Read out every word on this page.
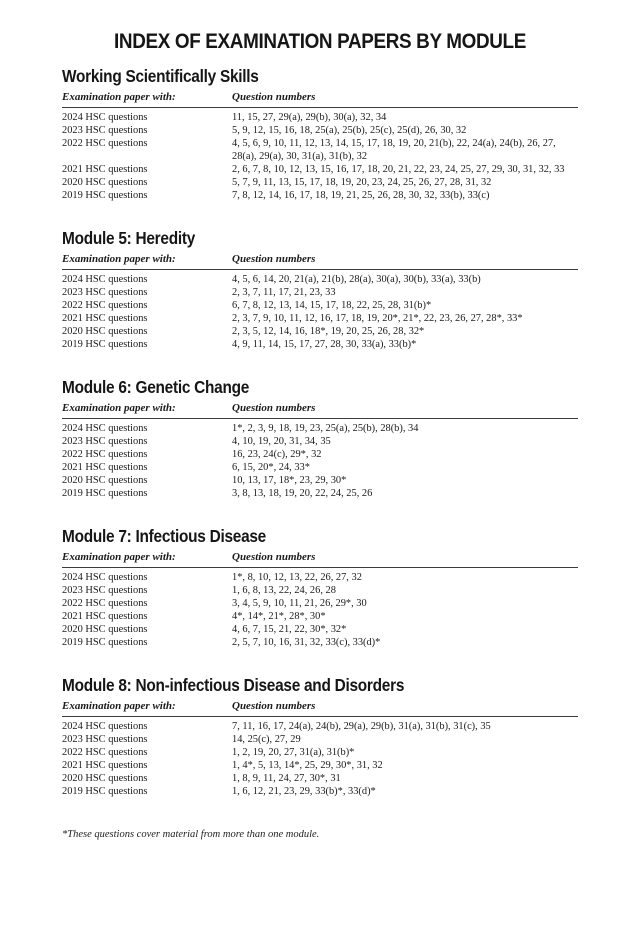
INDEX OF EXAMINATION PAPERS BY MODULE
Working Scientifically Skills
Examination paper with:	Question numbers
2024 HSC questions	11, 15, 27, 29(a), 29(b), 30(a), 32, 34
2023 HSC questions	5, 9, 12, 15, 16, 18, 25(a), 25(b), 25(c), 25(d), 26, 30, 32
2022 HSC questions	4, 5, 6, 9, 10, 11, 12, 13, 14, 15, 17, 18, 19, 20, 21(b), 22, 24(a), 24(b), 26, 27, 28(a), 29(a), 30, 31(a), 31(b), 32
2021 HSC questions	2, 6, 7, 8, 10, 12, 13, 15, 16, 17, 18, 20, 21, 22, 23, 24, 25, 27, 29, 30, 31, 32, 33
2020 HSC questions	5, 7, 9, 11, 13, 15, 17, 18, 19, 20, 23, 24, 25, 26, 27, 28, 31, 32
2019 HSC questions	7, 8, 12, 14, 16, 17, 18, 19, 21, 25, 26, 28, 30, 32, 33(b), 33(c)
Module 5: Heredity
Examination paper with:	Question numbers
2024 HSC questions	4, 5, 6, 14, 20, 21(a), 21(b), 28(a), 30(a), 30(b), 33(a), 33(b)
2023 HSC questions	2, 3, 7, 11, 17, 21, 23, 33
2022 HSC questions	6, 7, 8, 12, 13, 14, 15, 17, 18, 22, 25, 28, 31(b)*
2021 HSC questions	2, 3, 7, 9, 10, 11, 12, 16, 17, 18, 19, 20*, 21*, 22, 23, 26, 27, 28*, 33*
2020 HSC questions	2, 3, 5, 12, 14, 16, 18*, 19, 20, 25, 26, 28, 32*
2019 HSC questions	4, 9, 11, 14, 15, 17, 27, 28, 30, 33(a), 33(b)*
Module 6: Genetic Change
Examination paper with:	Question numbers
2024 HSC questions	1*, 2, 3, 9, 18, 19, 23, 25(a), 25(b), 28(b), 34
2023 HSC questions	4, 10, 19, 20, 31, 34, 35
2022 HSC questions	16, 23, 24(c), 29*, 32
2021 HSC questions	6, 15, 20*, 24, 33*
2020 HSC questions	10, 13, 17, 18*, 23, 29, 30*
2019 HSC questions	3, 8, 13, 18, 19, 20, 22, 24, 25, 26
Module 7: Infectious Disease
Examination paper with:	Question numbers
2024 HSC questions	1*, 8, 10, 12, 13, 22, 26, 27, 32
2023 HSC questions	1, 6, 8, 13, 22, 24, 26, 28
2022 HSC questions	3, 4, 5, 9, 10, 11, 21, 26, 29*, 30
2021 HSC questions	4*, 14*, 21*, 28*, 30*
2020 HSC questions	4, 6, 7, 15, 21, 22, 30*, 32*
2019 HSC questions	2, 5, 7, 10, 16, 31, 32, 33(c), 33(d)*
Module 8: Non-infectious Disease and Disorders
Examination paper with:	Question numbers
2024 HSC questions	7, 11, 16, 17, 24(a), 24(b), 29(a), 29(b), 31(a), 31(b), 31(c), 35
2023 HSC questions	14, 25(c), 27, 29
2022 HSC questions	1, 2, 19, 20, 27, 31(a), 31(b)*
2021 HSC questions	1, 4*, 5, 13, 14*, 25, 29, 30*, 31, 32
2020 HSC questions	1, 8, 9, 11, 24, 27, 30*, 31
2019 HSC questions	1, 6, 12, 21, 23, 29, 33(b)*, 33(d)*

*These questions cover material from more than one module.
